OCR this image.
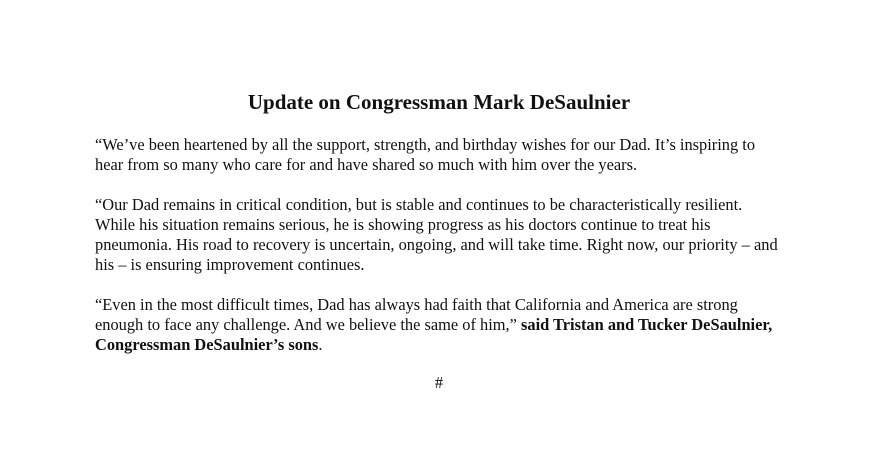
Update on Congressman Mark DeSaulnier

“We’ve been heartened by all the support, strength, and birthday wishes for our Dad. It’s inspiring to hear from so many who care for and have shared so much with him over the years.

“Our Dad remains in critical condition, but is stable and continues to be characteristically resilient. While his situation remains serious, he is showing progress as his doctors continue to treat his pneumonia. His road to recovery is uncertain, ongoing, and will take time. Right now, our priority – and his – is ensuring improvement continues.

“Even in the most difficult times, Dad has always had faith that California and America are strong enough to face any challenge. And we believe the same of him,” said Tristan and Tucker DeSaulnier, Congressman DeSaulnier’s sons.

#
